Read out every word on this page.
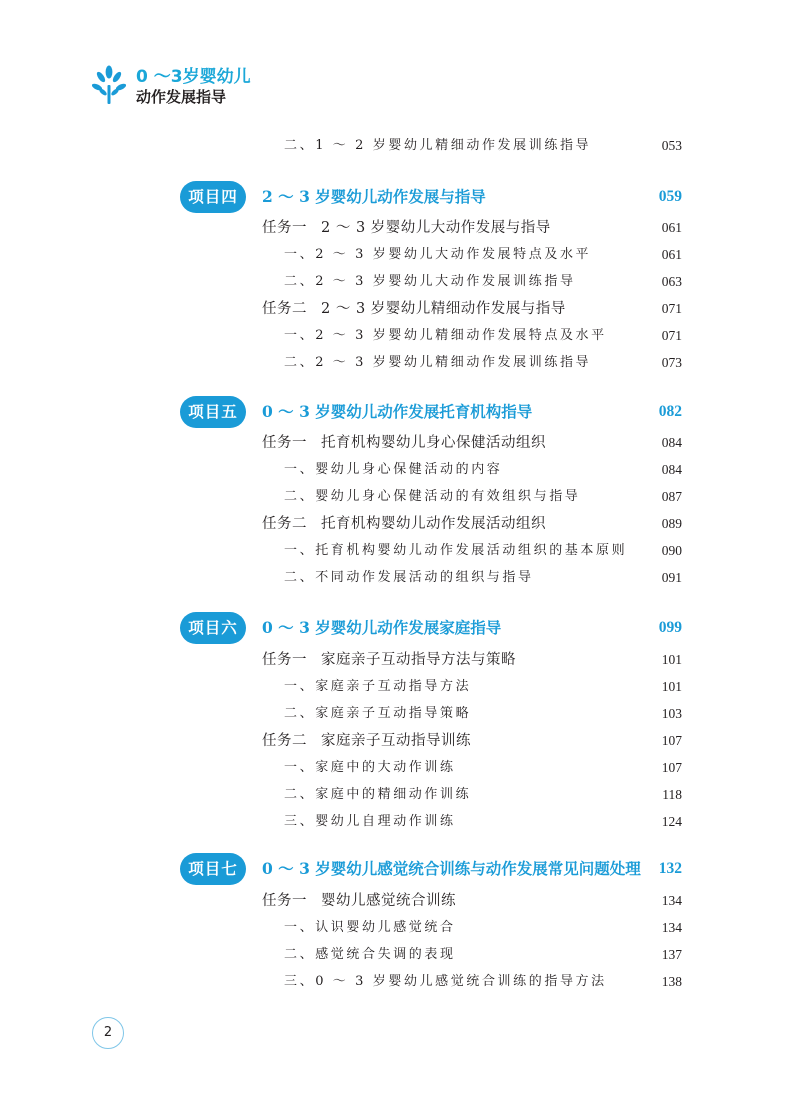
0 ～3岁婴幼儿
动作发展指导
二、1 ～ 2 岁婴幼儿精细动作发展训练指导	053
项目四	2 ～ 3 岁婴幼儿动作发展与指导	059
任务一 2 ～ 3 岁婴幼儿大动作发展与指导	061
一、2 ～ 3 岁婴幼儿大动作发展特点及水平	061
二、2 ～ 3 岁婴幼儿大动作发展训练指导	063
任务二 2 ～ 3 岁婴幼儿精细动作发展与指导	071
一、2 ～ 3 岁婴幼儿精细动作发展特点及水平	071
二、2 ～ 3 岁婴幼儿精细动作发展训练指导	073
项目五	0 ～ 3 岁婴幼儿动作发展托育机构指导	082
任务一 托育机构婴幼儿身心保健活动组织	084
一、婴幼儿身心保健活动的内容	084
二、婴幼儿身心保健活动的有效组织与指导	087
任务二 托育机构婴幼儿动作发展活动组织	089
一、托育机构婴幼儿动作发展活动组织的基本原则	090
二、不同动作发展活动的组织与指导	091
项目六	0 ～ 3 岁婴幼儿动作发展家庭指导	099
任务一 家庭亲子互动指导方法与策略	101
一、家庭亲子互动指导方法	101
二、家庭亲子互动指导策略	103
任务二 家庭亲子互动指导训练	107
一、家庭中的大动作训练	107
二、家庭中的精细动作训练	118
三、婴幼儿自理动作训练	124
项目七	0 ～ 3 岁婴幼儿感觉统合训练与动作发展常见问题处理 132
任务一 婴幼儿感觉统合训练	134
一、认识婴幼儿感觉统合	134
二、感觉统合失调的表现	137
三、0 ～ 3 岁婴幼儿感觉统合训练的指导方法	138
2
